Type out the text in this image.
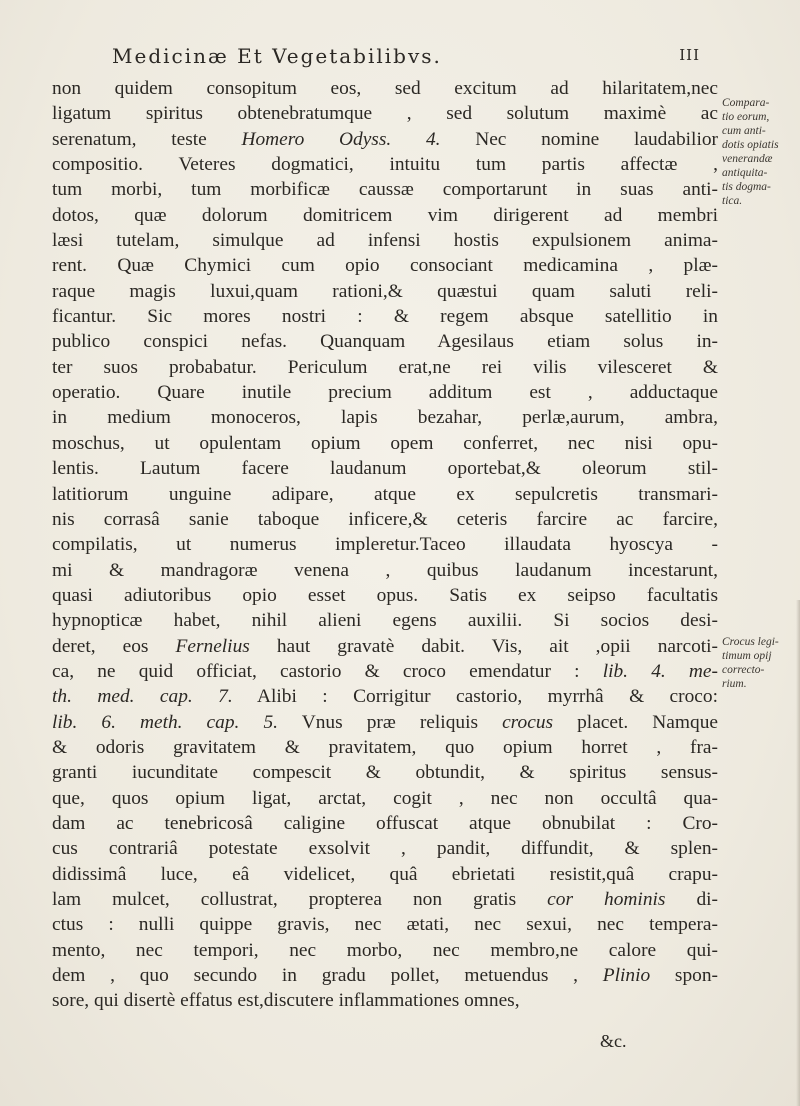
Medicinæ Et Vegetabilibvs.	III
non quidem consopitum eos, sed excitum ad hilaritatem,nec
ligatum spiritus obtenebratumque , sed solutum maximè ac
serenatum, teste Homero Odyss. 4. Nec nomine laudabilior
compositio. Veteres dogmatici, intuitu tum partis affectæ ,
tum morbi, tum morbificæ caussæ comportarunt in suas anti-
dotos, quæ dolorum domitricem vim dirigerent ad membri
læsi tutelam, simulque ad infensi hostis expulsionem anima-
rent. Quæ Chymici cum opio consociant medicamina , plæ-
raque magis luxui,quam rationi,& quæstui quam saluti reli-
ficantur. Sic mores nostri : & regem absque satellitio in
publico conspici nefas. Quanquam Agesilaus etiam solus in-
ter suos probabatur. Periculum erat,ne rei vilis vilesceret &
operatio. Quare inutile precium additum est , adductaque
in medium monoceros, lapis bezahar, perlæ,aurum, ambra,
moschus, ut opulentam opium opem conferret, nec nisi opu-
lentis. Lautum facere laudanum oportebat,& oleorum stil-
latitiorum unguine adipare, atque ex sepulcretis transmari-
nis corrasâ sanie taboque inficere,& ceteris farcire ac farcire,
compilatis, ut numerus impleretur.Taceo illaudata hyoscya -
mi & mandragoræ venena , quibus laudanum incestarunt,
quasi adiutoribus opio esset opus. Satis ex seipso facultatis
hypnopticæ habet, nihil alieni egens auxilii. Si socios desi-
deret, eos Fernelius haut gravatè dabit. Vis, ait ,opii narcoti-
ca, ne quid officiat, castorio & croco emendatur : lib. 4. me-
th. med. cap. 7. Alibi : Corrigitur castorio, myrrhâ & croco:
lib. 6. meth. cap. 5. Vnus præ reliquis crocus placet. Namque
& odoris gravitatem & pravitatem, quo opium horret , fra-
granti iucunditate compescit & obtundit, & spiritus sensus-
que, quos opium ligat, arctat, cogit , nec non occultâ qua-
dam ac tenebricosâ caligine offuscat atque obnubilat : Cro-
cus contrariâ potestate exsolvit , pandit, diffundit, & splen-
didissimâ luce, eâ videlicet, quâ ebrietati resistit,quâ crapu-
lam mulcet, collustrat, propterea non gratis cor hominis di-
ctus : nulli quippe gravis, nec ætati, nec sexui, nec tempera-
mento, nec tempori, nec morbo, nec membro,ne calore qui-
dem , quo secundo in gradu pollet, metuendus , Plinio spon-
sore, qui disertè effatus est,discutere inflammationes omnes,
Compara-
tio eorum,
cum anti-
dotis opiatis
venerandæ
antiquita-
tis dogma-
tica.
Crocus legi-
timum opij
correcto-
rium.
&c.
